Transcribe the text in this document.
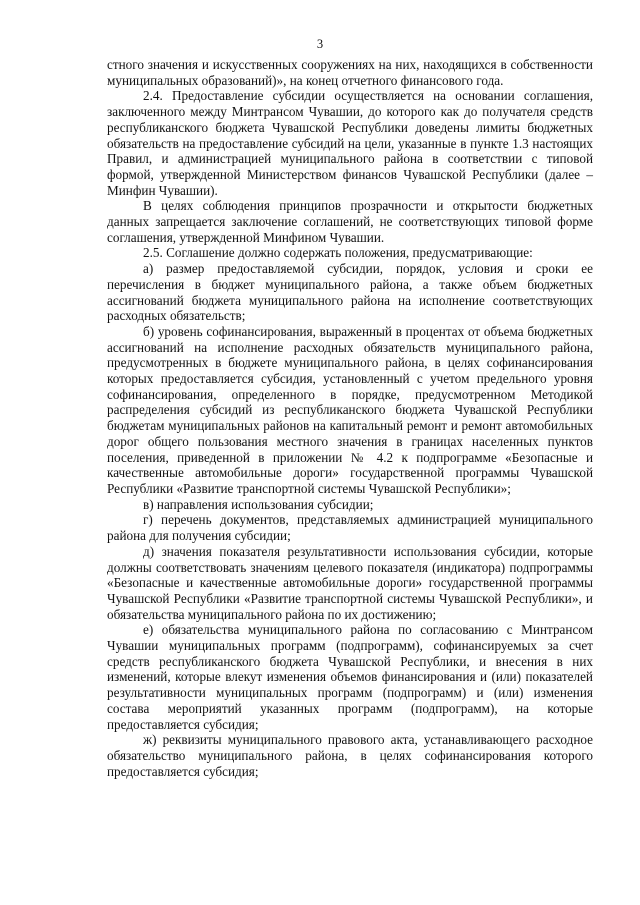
3

стного значения и искусственных сооружениях на них, находящихся в собственности муниципальных образований)», на конец отчетного финансового года.

2.4. Предоставление субсидии осуществляется на основании соглашения, заключенного между Минтрансом Чувашии, до которого как до получателя средств республиканского бюджета Чувашской Республики доведены лимиты бюджетных обязательств на предоставление субсидий на цели, указанные в пункте 1.3 настоящих Правил, и администрацией муниципального района в соответствии с типовой формой, утвержденной Министерством финансов Чувашской Республики (далее – Минфин Чувашии).

В целях соблюдения принципов прозрачности и открытости бюджетных данных запрещается заключение соглашений, не соответствующих типовой форме соглашения, утвержденной Минфином Чувашии.

2.5. Соглашение должно содержать положения, предусматривающие:

а) размер предоставляемой субсидии, порядок, условия и сроки ее перечисления в бюджет муниципального района, а также объем бюджетных ассигнований бюджета муниципального района на исполнение соответствующих расходных обязательств;

б) уровень софинансирования, выраженный в процентах от объема бюджетных ассигнований на исполнение расходных обязательств муниципального района, предусмотренных в бюджете муниципального района, в целях софинансирования которых предоставляется субсидия, установленный с учетом предельного уровня софинансирования, определенного в порядке, предусмотренном Методикой распределения субсидий из республиканского бюджета Чувашской Республики бюджетам муниципальных районов на капитальный ремонт и ремонт автомобильных дорог общего пользования местного значения в границах населенных пунктов поселения, приведенной в приложении № 4.2 к подпрограмме «Безопасные и качественные автомобильные дороги» государственной программы Чувашской Республики «Развитие транспортной системы Чувашской Республики»;

в) направления использования субсидии;

г) перечень документов, представляемых администрацией муниципального района для получения субсидии;

д) значения показателя результативности использования субсидии, которые должны соответствовать значениям целевого показателя (индикатора) подпрограммы «Безопасные и качественные автомобильные дороги» государственной программы Чувашской Республики «Развитие транспортной системы Чувашской Республики», и обязательства муниципального района по их достижению;

е) обязательства муниципального района по согласованию с Минтрансом Чувашии муниципальных программ (подпрограмм), софинансируемых за счет средств республиканского бюджета Чувашской Республики, и внесения в них изменений, которые влекут изменения объемов финансирования и (или) показателей результативности муниципальных программ (подпрограмм) и (или) изменения состава мероприятий указанных программ (подпрограмм), на которые предоставляется субсидия;

ж) реквизиты муниципального правового акта, устанавливающего расходное обязательство муниципального района, в целях софинансирования которого предоставляется субсидия;
